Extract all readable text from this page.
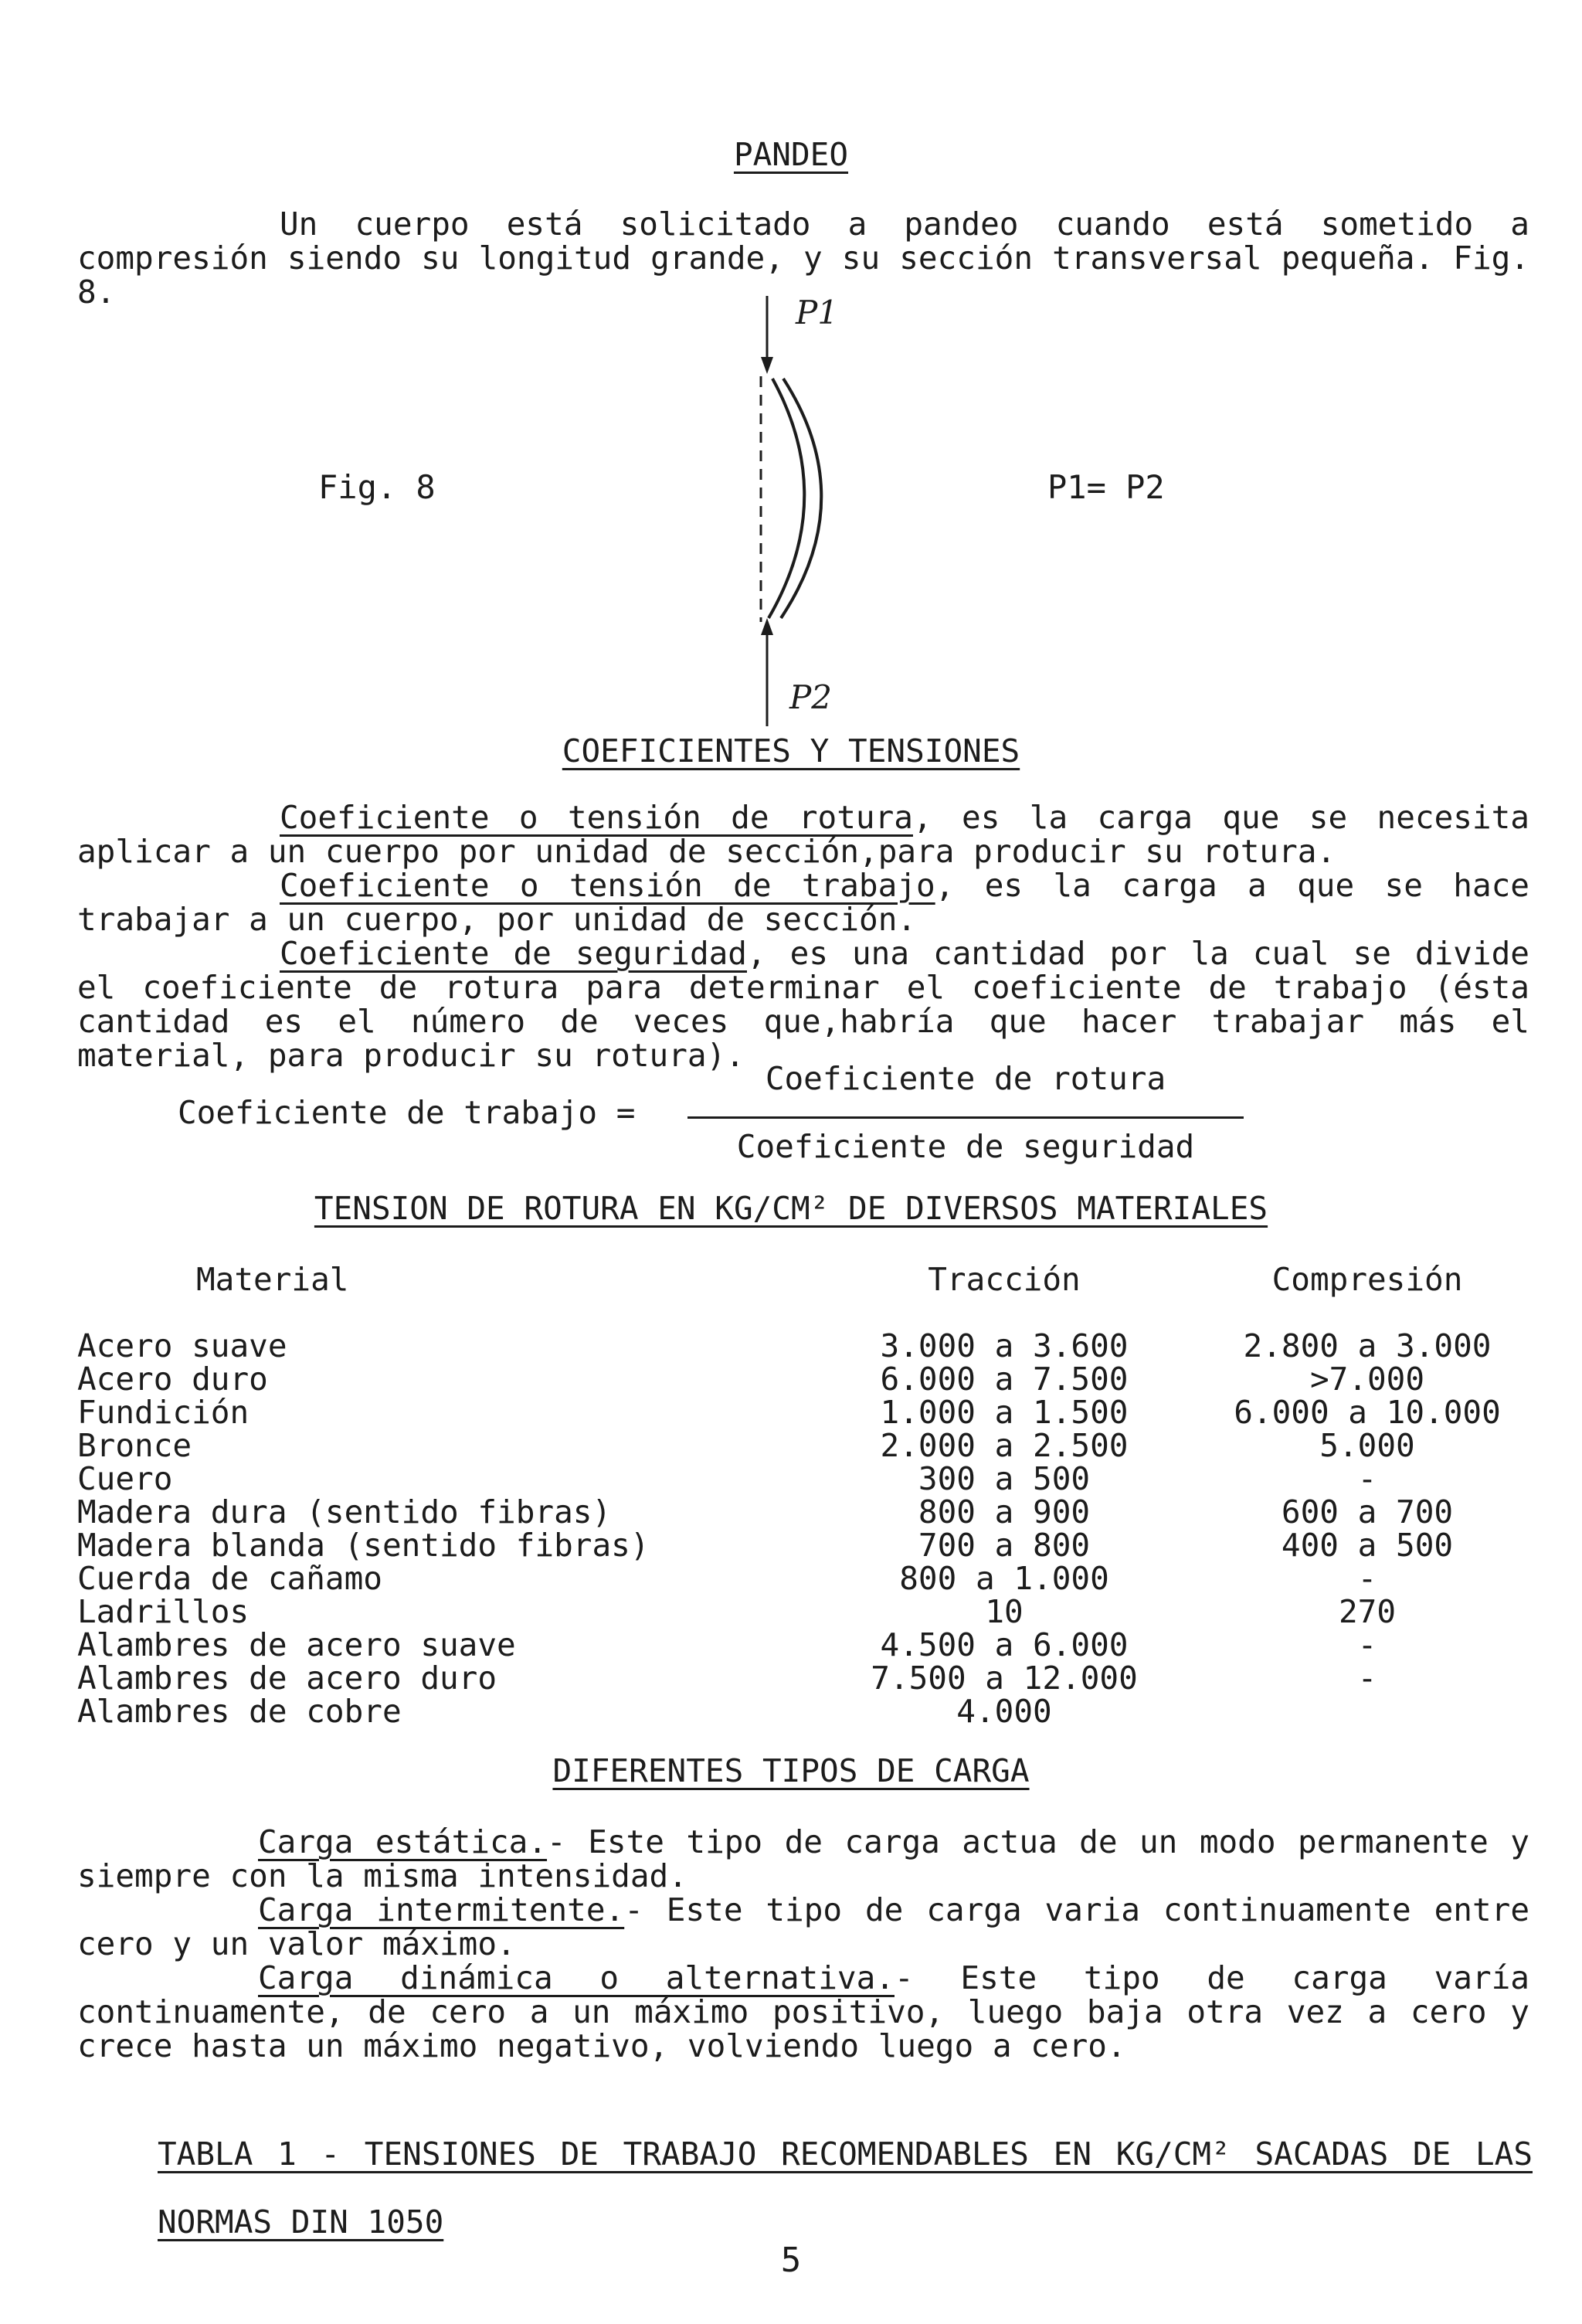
PANDEO
Un cuerpo está solicitado a pandeo cuando está sometido a compresión siendo su longitud grande, y su sección transversal pequeña. Fig. 8.
P1
P2
Fig. 8	P1= P2
COEFICIENTES Y TENSIONES
Coeficiente o tensión de rotura, es la carga que se necesita aplicar a un cuerpo por unidad de sección,para producir su rotura.
Coeficiente o tensión de trabajo, es la carga a que se hace trabajar a un cuerpo, por unidad de sección.
Coeficiente de seguridad, es una cantidad por la cual se divide el coeficiente de rotura para determinar el coeficiente de trabajo (ésta cantidad es el número de veces que,habría que hacer trabajar más el material, para producir su rotura).
Coeficiente de trabajo =
Coeficiente de rotura
Coeficiente de seguridad
TENSION DE ROTURA EN KG/CM² DE DIVERSOS MATERIALES
Material	Tracción	Compresión
Acero suave	3.000 a 3.600	2.800 a 3.000
Acero duro	6.000 a 7.500	>7.000
Fundición	1.000 a 1.500	6.000 a 10.000
Bronce	2.000 a 2.500	5.000
Cuero	300 a 500	-
Madera dura (sentido fibras)	800 a 900	600 a 700
Madera blanda (sentido fibras)	700 a 800	400 a 500
Cuerda de cañamo	800 a 1.000	-
Ladrillos	10	270
Alambres de acero suave	4.500 a 6.000	-
Alambres de acero duro	7.500 a 12.000	-
Alambres de cobre	4.000
DIFERENTES TIPOS DE CARGA
Carga estática.- Este tipo de carga actua de un modo permanente y siempre con la misma intensidad.
Carga intermitente.- Este tipo de carga varia continuamente entre cero y un valor máximo.
Carga dinámica o alternativa.- Este tipo de carga varía continuamente, de cero a un máximo positivo, luego baja otra vez a cero y crece hasta un máximo negativo, volviendo luego a cero.
TABLA 1 - TENSIONES DE TRABAJO RECOMENDABLES EN KG/CM² SACADAS DE LAS NORMAS DIN 1050
5
